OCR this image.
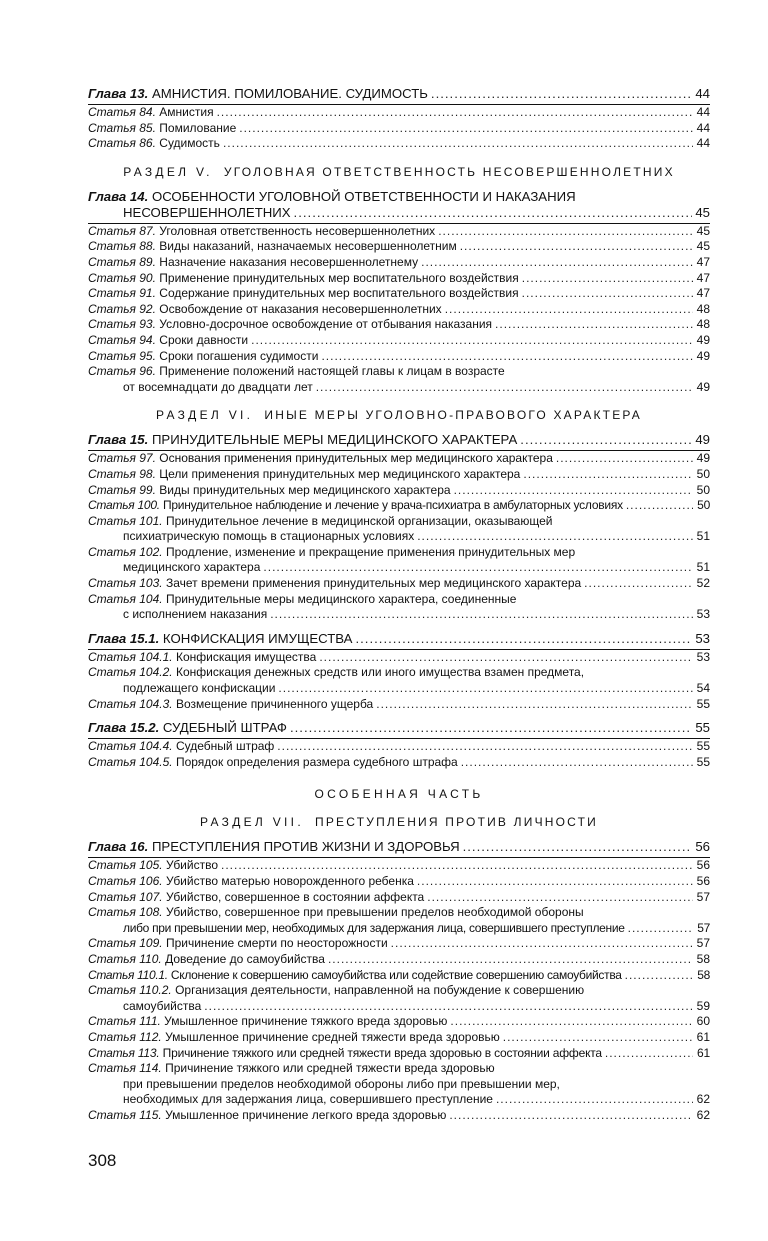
Глава 13. АМНИСТИЯ. ПОМИЛОВАНИЕ. СУДИМОСТЬ .....	44
Статья 84. Амнистия .....	44
Статья 85. Помилование .....	44
Статья 86. Судимость .....	44
РАЗДЕЛ V. УГОЛОВНАЯ ОТВЕТСТВЕННОСТЬ НЕСОВЕРШЕННОЛЕТНИХ
Глава 14. ОСОБЕННОСТИ УГОЛОВНОЙ ОТВЕТСТВЕННОСТИ И НАКАЗАНИЯ
НЕСОВЕРШЕННОЛЕТНИХ .....	45
Статья 87. Уголовная ответственность несовершеннолетних .....	45
Статья 88. Виды наказаний, назначаемых несовершеннолетним .....	45
Статья 89. Назначение наказания несовершеннолетнему .....	47
Статья 90. Применение принудительных мер воспитательного воздействия .....	47
Статья 91. Содержание принудительных мер воспитательного воздействия .....	47
Статья 92. Освобождение от наказания несовершеннолетних .....	48
Статья 93. Условно-досрочное освобождение от отбывания наказания .....	48
Статья 94. Сроки давности .....	49
Статья 95. Сроки погашения судимости .....	49
Статья 96. Применение положений настоящей главы к лицам в возрасте
от восемнадцати до двадцати лет .....	49
РАЗДЕЛ VI. ИНЫЕ МЕРЫ УГОЛОВНО-ПРАВОВОГО ХАРАКТЕРА
Глава 15. ПРИНУДИТЕЛЬНЫЕ МЕРЫ МЕДИЦИНСКОГО ХАРАКТЕРА .....	49
Статья 97. Основания применения принудительных мер медицинского характера .....	49
Статья 98. Цели применения принудительных мер медицинского характера .....	50
Статья 99. Виды принудительных мер медицинского характера .....	50
Статья 100. Принудительное наблюдение и лечение у врача-психиатра в амбулаторных условиях .....	50
Статья 101. Принудительное лечение в медицинской организации, оказывающей
психиатрическую помощь в стационарных условиях .....	51
Статья 102. Продление, изменение и прекращение применения принудительных мер
медицинского характера .....	51
Статья 103. Зачет времени применения принудительных мер медицинского характера .....	52
Статья 104. Принудительные меры медицинского характера, соединенные
с исполнением наказания .....	53
Глава 15.1. КОНФИСКАЦИЯ ИМУЩЕСТВА .....	53
Статья 104.1. Конфискация имущества .....	53
Статья 104.2. Конфискация денежных средств или иного имущества взамен предмета,
подлежащего конфискации .....	54
Статья 104.3. Возмещение причиненного ущерба .....	55
Глава 15.2. СУДЕБНЫЙ ШТРАФ .....	55
Статья 104.4. Судебный штраф .....	55
Статья 104.5. Порядок определения размера судебного штрафа .....	55
ОСОБЕННАЯ ЧАСТЬ
РАЗДЕЛ VII. ПРЕСТУПЛЕНИЯ ПРОТИВ ЛИЧНОСТИ
Глава 16. ПРЕСТУПЛЕНИЯ ПРОТИВ ЖИЗНИ И ЗДОРОВЬЯ .....	56
Статья 105. Убийство .....	56
Статья 106. Убийство матерью новорожденного ребенка .....	56
Статья 107. Убийство, совершенное в состоянии аффекта .....	57
Статья 108. Убийство, совершенное при превышении пределов необходимой обороны
либо при превышении мер, необходимых для задержания лица, совершившего преступление .....	57
Статья 109. Причинение смерти по неосторожности .....	57
Статья 110. Доведение до самоубийства .....	58
Статья 110.1. Склонение к совершению самоубийства или содействие совершению самоубийства .....	58
Статья 110.2. Организация деятельности, направленной на побуждение к совершению
самоубийства .....	59
Статья 111. Умышленное причинение тяжкого вреда здоровью .....	60
Статья 112. Умышленное причинение средней тяжести вреда здоровью .....	61
Статья 113. Причинение тяжкого или средней тяжести вреда здоровью в состоянии аффекта .....	61
Статья 114. Причинение тяжкого или средней тяжести вреда здоровью
при превышении пределов необходимой обороны либо при превышении мер,
необходимых для задержания лица, совершившего преступление .....	62
Статья 115. Умышленное причинение легкого вреда здоровью .....	62
308
